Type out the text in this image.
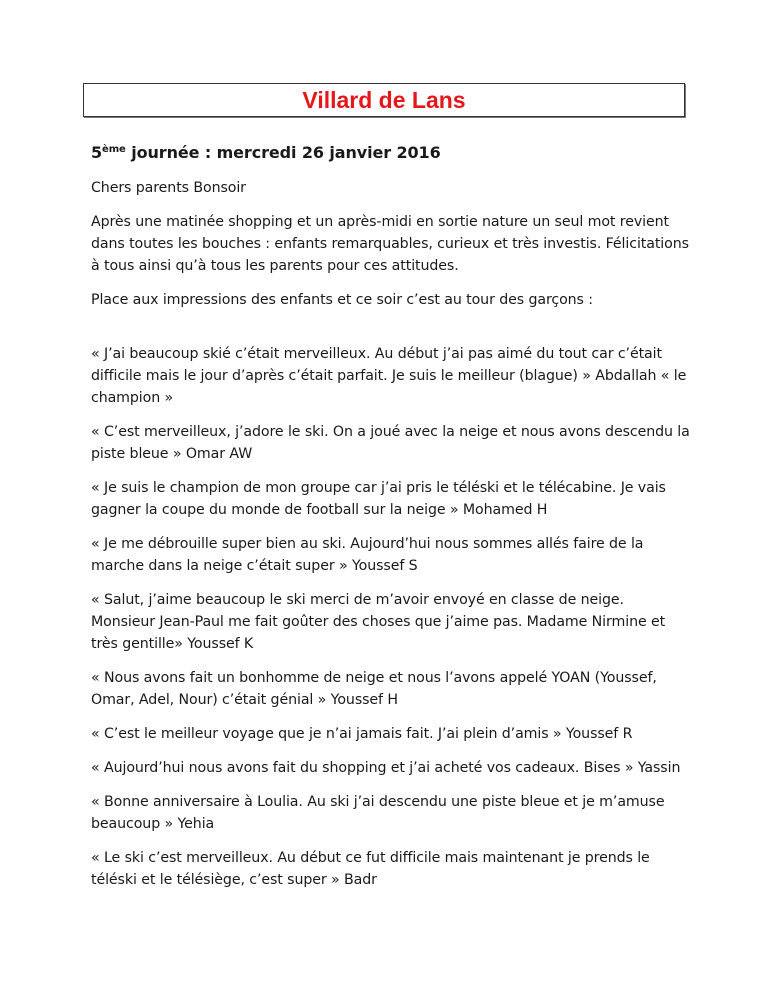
Villard de Lans

5ème journée : mercredi 26 janvier 2016

Chers parents Bonsoir

Après une matinée shopping et un après-midi en sortie nature un seul mot revient dans toutes les bouches : enfants remarquables, curieux et très investis. Félicitations à tous ainsi qu’à tous les parents pour ces attitudes.

Place aux impressions des enfants et ce soir c’est au tour des garçons :

« J’ai beaucoup skié c’était merveilleux. Au début j’ai pas aimé du tout car c’était difficile mais le jour d’après c’était parfait. Je suis le meilleur (blague) » Abdallah « le champion »

« C’est merveilleux, j’adore le ski. On a joué avec la neige et nous avons descendu la piste bleue » Omar AW

« Je suis le champion de mon groupe car j’ai pris le téléski et le télécabine. Je vais gagner la coupe du monde de football sur la neige » Mohamed H

« Je me débrouille super bien au ski. Aujourd’hui nous sommes allés faire de la marche dans la neige c’était super » Youssef S

« Salut, j’aime beaucoup le ski merci de m’avoir envoyé en classe de neige. Monsieur Jean-Paul me fait goûter des choses que j’aime pas. Madame Nirmine et très gentille» Youssef K

« Nous avons fait un bonhomme de neige et nous l’avons appelé YOAN (Youssef, Omar, Adel, Nour) c’était génial » Youssef H

« C’est le meilleur voyage que je n’ai jamais fait. J’ai plein d’amis » Youssef R

« Aujourd’hui nous avons fait du shopping et j’ai acheté vos cadeaux. Bises » Yassin

« Bonne anniversaire à Loulia. Au ski j’ai descendu une piste bleue et je m’amuse beaucoup » Yehia

« Le ski c’est merveilleux. Au début ce fut difficile mais maintenant je prends le téléski et le télésiège, c’est super » Badr
